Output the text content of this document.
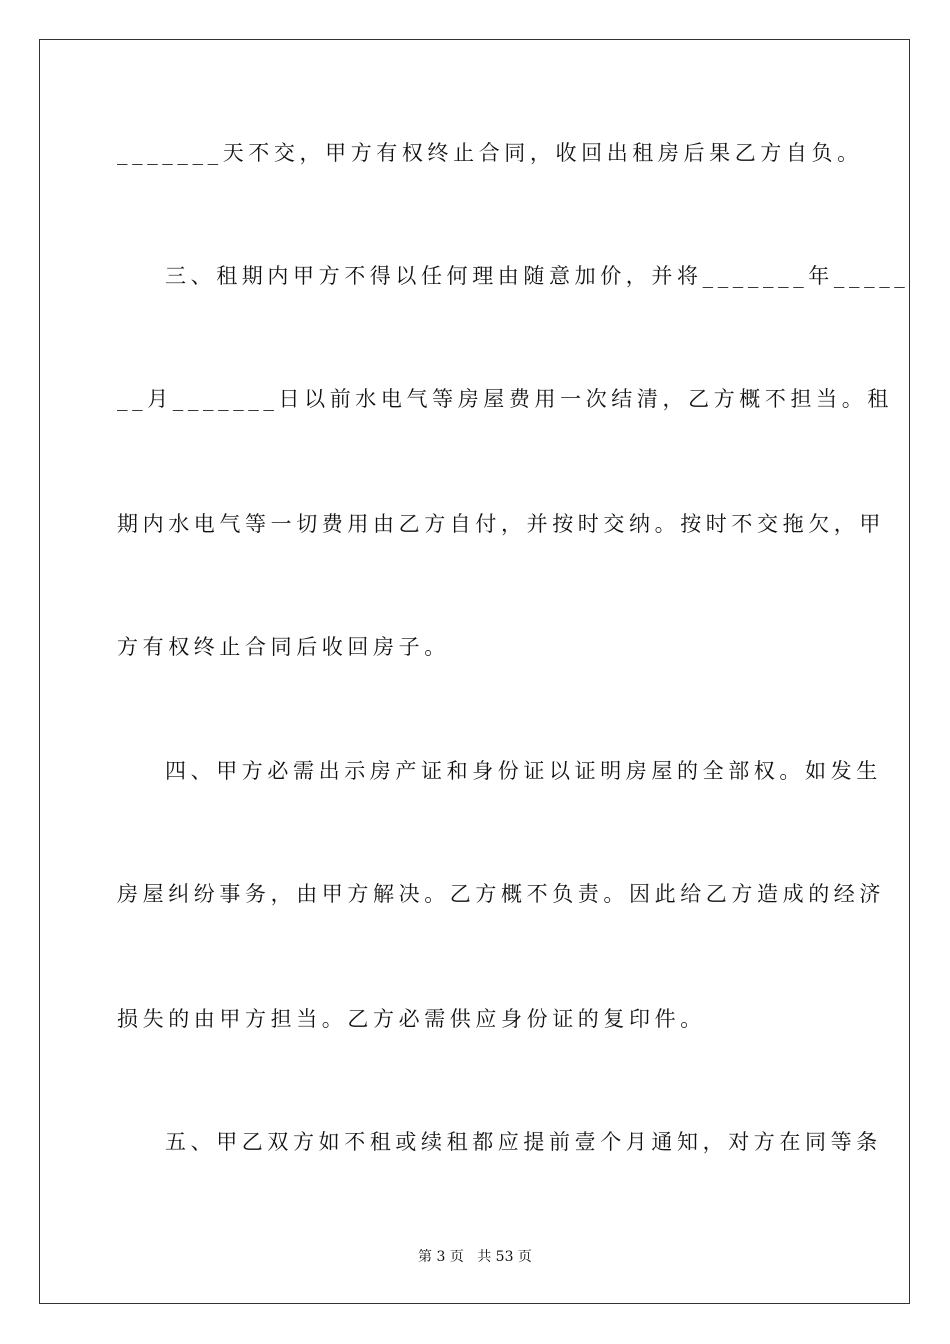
_______天不交，甲方有权终止合同，收回出租房后果乙方自负。
三、租期内甲方不得以任何理由随意加价，并将_______年_____
__月_______日以前水电气等房屋费用一次结清，乙方概不担当。租
期内水电气等一切费用由乙方自付，并按时交纳。按时不交拖欠，甲
方有权终止合同后收回房子。
四、甲方必需出示房产证和身份证以证明房屋的全部权。如发生
房屋纠纷事务，由甲方解决。乙方概不负责。因此给乙方造成的经济
损失的由甲方担当。乙方必需供应身份证的复印件。
五、甲乙双方如不租或续租都应提前壹个月通知，对方在同等条
第 3 页 共 53 页
